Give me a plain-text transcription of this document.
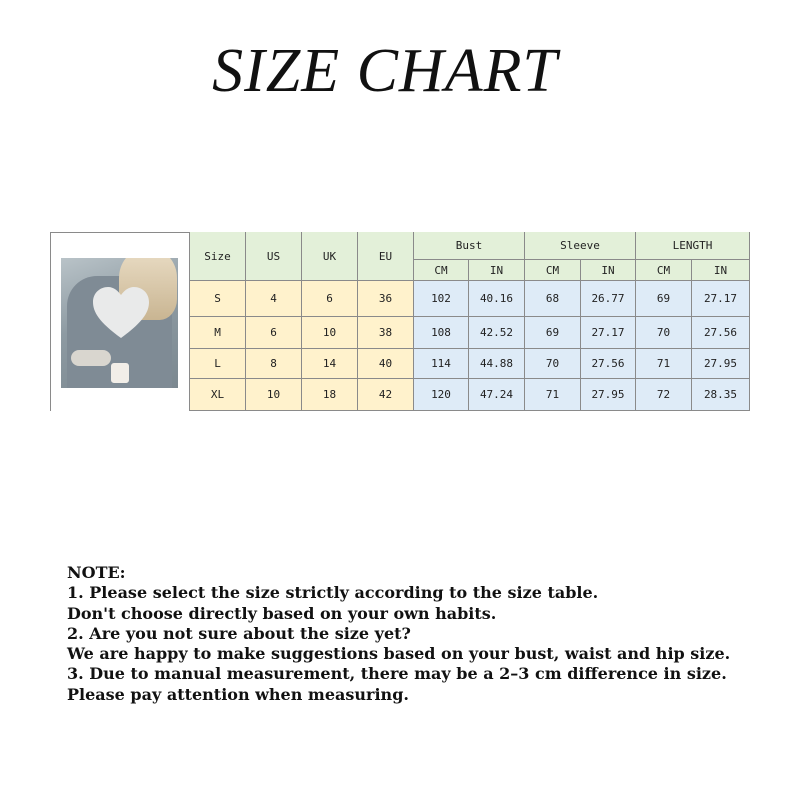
SIZE CHART
Size	US	UK	EU
Bust	Sleeve	LENGTH
CM	IN	CM	IN	CM	IN
S	4	6	36	102	40.16	68	26.77	69	27.17
M	6	10	38	108	42.52	69	27.17	70	27.56
L	8	14	40	114	44.88	70	27.56	71	27.95
XL	10	18	42	120	47.24	71	27.95	72	28.35
NOTE:
1. Please select the size strictly according to the size table.
Don't choose directly based on your own habits.
2. Are you not sure about the size yet?
We are happy to make suggestions based on your bust, waist and hip size.
3. Due to manual measurement, there may be a 2–3 cm difference in size.
Please pay attention when measuring.
